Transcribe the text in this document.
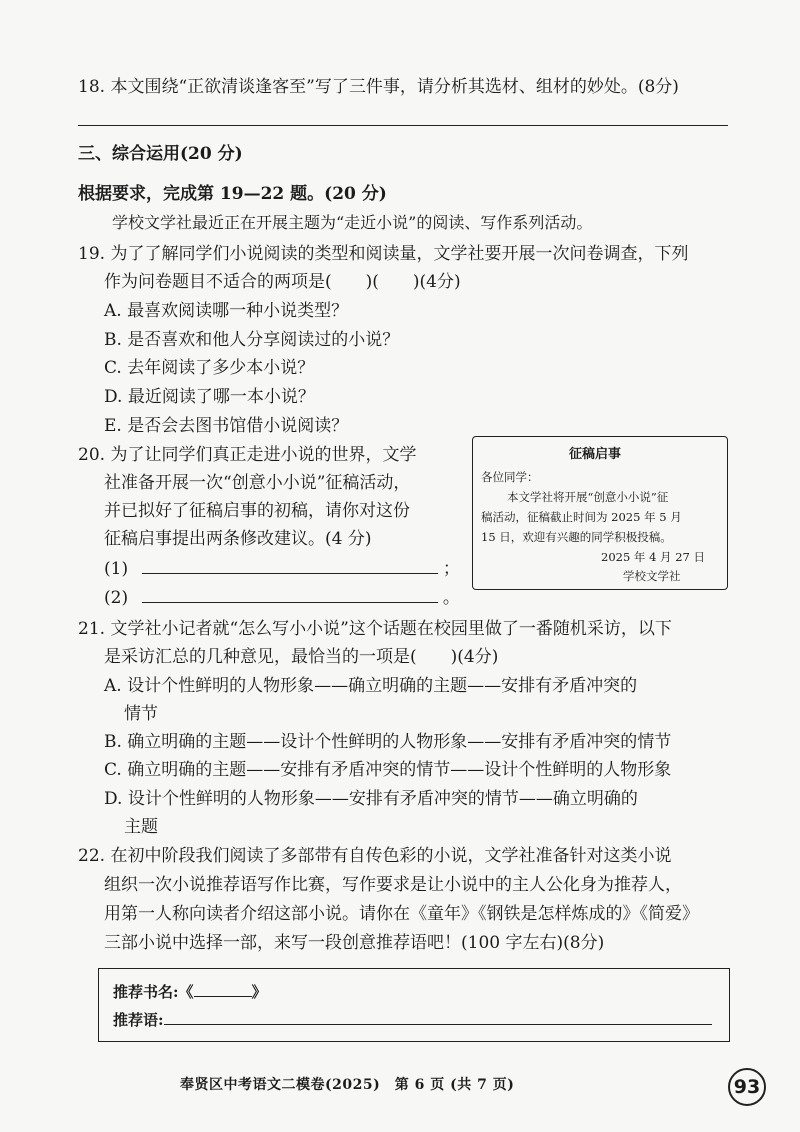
18. 本文围绕“正欲清谈逢客至”写了三件事，请分析其选材、组材的妙处。(8分)
三、综合运用(20 分)
根据要求，完成第 19—22 题。(20 分)
学校文学社最近正在开展主题为“走近小说”的阅读、写作系列活动。
19. 为了了解同学们小说阅读的类型和阅读量，文学社要开展一次问卷调查，下列
作为问卷题目不适合的两项是(　　)(　　)(4分)
A. 最喜欢阅读哪一种小说类型？
B. 是否喜欢和他人分享阅读过的小说？
C. 去年阅读了多少本小说？
D. 最近阅读了哪一本小说？
E. 是否会去图书馆借小说阅读？
20. 为了让同学们真正走进小说的世界，文学
社准备开展一次“创意小小说”征稿活动，
并已拟好了征稿启事的初稿，请你对这份
征稿启事提出两条修改建议。(4 分)
(1)	；
(2)	。
征稿启事
各位同学：
本文学社将开展“创意小小说”征
稿活动，征稿截止时间为 2025 年 5 月
15 日，欢迎有兴趣的同学积极投稿。
2025 年 4 月 27 日
学校文学社
21. 文学社小记者就“怎么写小小说”这个话题在校园里做了一番随机采访，以下
是采访汇总的几种意见，最恰当的一项是(　　)(4分)
A. 设计个性鲜明的人物形象——确立明确的主题——安排有矛盾冲突的
情节
B. 确立明确的主题——设计个性鲜明的人物形象——安排有矛盾冲突的情节
C. 确立明确的主题——安排有矛盾冲突的情节——设计个性鲜明的人物形象
D. 设计个性鲜明的人物形象——安排有矛盾冲突的情节——确立明确的
主题
22. 在初中阶段我们阅读了多部带有自传色彩的小说，文学社准备针对这类小说
组织一次小说推荐语写作比赛，写作要求是让小说中的主人公化身为推荐人，
用第一人称向读者介绍这部小说。请你在《童年》《钢铁是怎样炼成的》《简爱》
三部小说中选择一部，来写一段创意推荐语吧！(100 字左右)(8分)
推荐书名:《	》
推荐语:
奉贤区中考语文二模卷(2025)　第 6 页 (共 7 页)	93
